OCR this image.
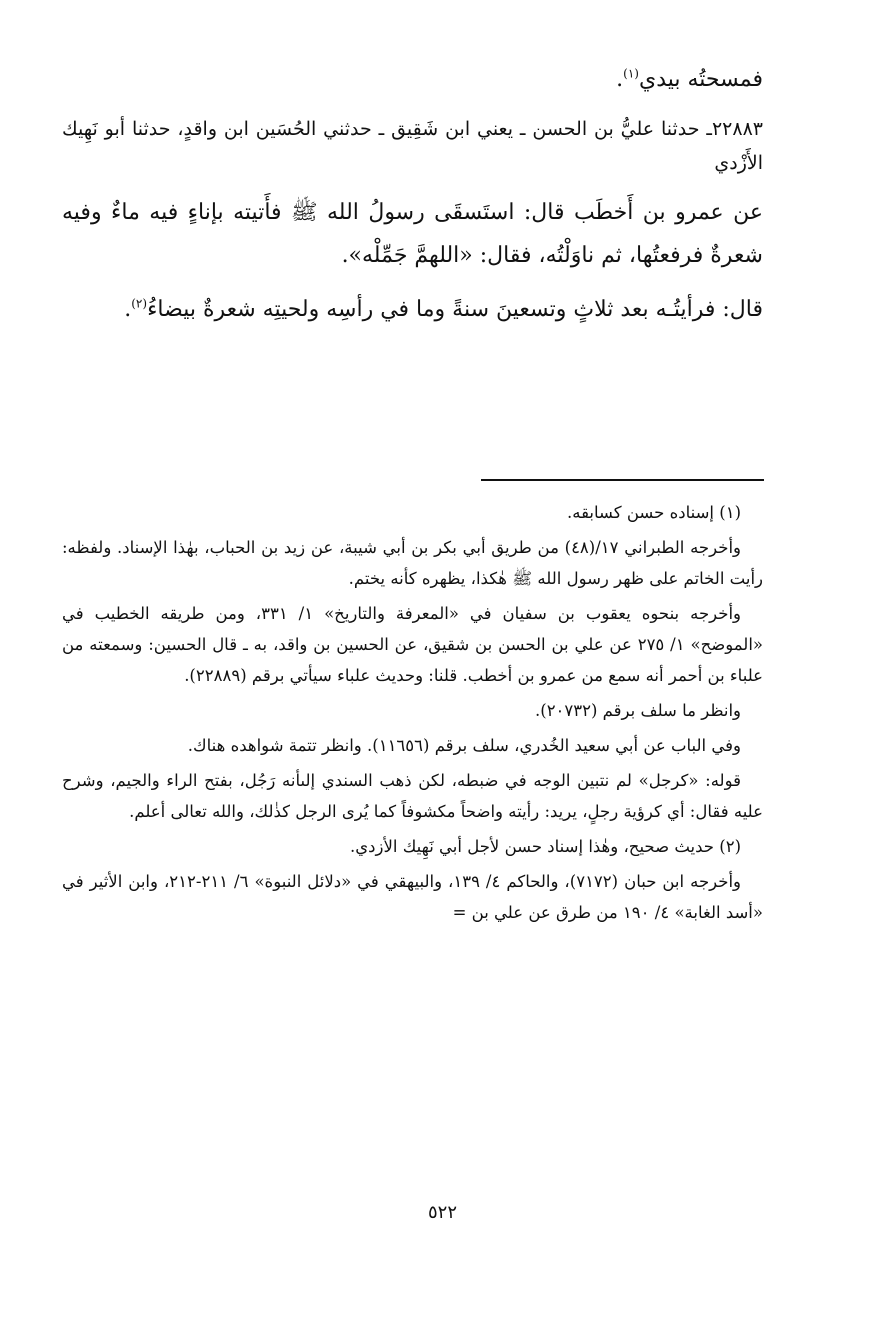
فمسحتُه بيدي$^{(١)}$.

٢٢٨٨٣ـ حدثنا عليُّ بن الحسن ـ يعني ابن شَقِيق ـ حدثني الحُسَين ابن واقدٍ، حدثنا أبو نَهِيك الأَزْدي

عن عمرو بن أَخطَب قال: استَسقَى رسولُ الله ﷺ فأَتيته بإناءٍ فيه ماءٌ وفيه شعرةٌ فرفعتُها، ثم ناوَلْتُه، فقال: «اللهمَّ جَمِّلْه».

قال: فرأيتُـه بعد ثلاثٍ وتسعينَ سنةً وما في رأسِه ولحيتِه شعرةٌ بيضاءُ$^{(٢)}$.

(١) إسناده حسن كسابقه.

وأخرجه الطبراني ١٧/(٤٨) من طريق أبي بكر بن أبي شيبة، عن زيد بن الحباب، بهٰذا الإسناد. ولفظه: رأيت الخاتم على ظهر رسول الله ﷺ هٰكذا، يظهره كأنه يختم.

وأخرجه بنحوه يعقوب بن سفيان في «المعرفة والتاريخ» ١/ ٣٣١، ومن طريقه الخطيب في «الموضح» ١/ ٢٧٥ عن علي بن الحسن بن شقيق، عن الحسين بن واقد، به ـ قال الحسين: وسمعته من علباء بن أحمر أنه سمع من عمرو بن أخطب. قلنا: وحديث علباء سيأتي برقم (٢٢٨٨٩).

وانظر ما سلف برقم (٢٠٧٣٢).

وفي الباب عن أبي سعيد الخُدري، سلف برقم (١١٦٥٦). وانظر تتمة شواهده هناك.

قوله: «كرجل» لم نتبين الوجه في ضبطه، لكن ذهب السندي إلىأنه رَجُل، بفتح الراء والجيم، وشرح عليه فقال: أي كرؤية رجلٍ، يريد: رأيته واضحاً مكشوفاً كما يُرى الرجل كذٰلك، والله تعالى أعلم.

(٢) حديث صحيح، وهٰذا إسناد حسن لأجل أبي نَهِيك الأزدي.

وأخرجه ابن حبان (٧١٧٢)، والحاكم ٤/ ١٣٩، والبيهقي في «دلائل النبوة» ٦/ ٢١١-٢١٢، وابن الأثير في «أسد الغابة» ٤/ ١٩٠ من طرق عن علي بن =

٥٢٢
